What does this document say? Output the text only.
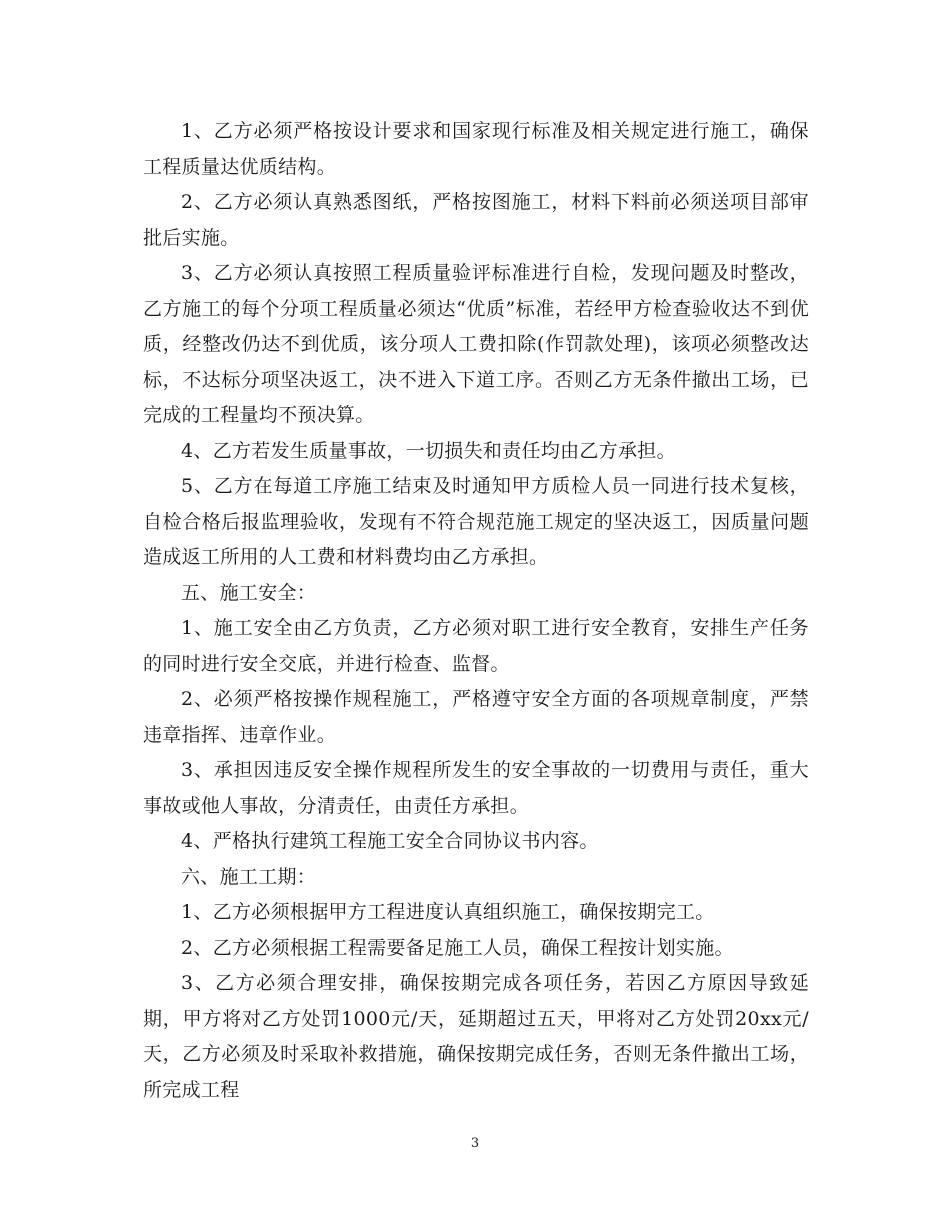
1、乙方必须严格按设计要求和国家现行标准及相关规定进行施工，确保工程质量达优质结构。

2、乙方必须认真熟悉图纸，严格按图施工，材料下料前必须送项目部审批后实施。

3、乙方必须认真按照工程质量验评标准进行自检，发现问题及时整改，乙方施工的每个分项工程质量必须达“优质”标准，若经甲方检查验收达不到优质，经整改仍达不到优质，该分项人工费扣除(作罚款处理)，该项必须整改达标，不达标分项坚决返工，决不进入下道工序。否则乙方无条件撤出工场，已完成的工程量均不预决算。

4、乙方若发生质量事故，一切损失和责任均由乙方承担。

5、乙方在每道工序施工结束及时通知甲方质检人员一同进行技术复核，自检合格后报监理验收，发现有不符合规范施工规定的坚决返工，因质量问题造成返工所用的人工费和材料费均由乙方承担。

五、施工安全：

1、施工安全由乙方负责，乙方必须对职工进行安全教育，安排生产任务的同时进行安全交底，并进行检查、监督。

2、必须严格按操作规程施工，严格遵守安全方面的各项规章制度，严禁违章指挥、违章作业。

3、承担因违反安全操作规程所发生的安全事故的一切费用与责任，重大事故或他人事故，分清责任，由责任方承担。

4、严格执行建筑工程施工安全合同协议书内容。

六、施工工期：

1、乙方必须根据甲方工程进度认真组织施工，确保按期完工。

2、乙方必须根据工程需要备足施工人员，确保工程按计划实施。

3、乙方必须合理安排，确保按期完成各项任务，若因乙方原因导致延期，甲方将对乙方处罚1000元/天，延期超过五天，甲将对乙方处罚20xx元/天，乙方必须及时采取补救措施，确保按期完成任务，否则无条件撤出工场，所完成工程

3
